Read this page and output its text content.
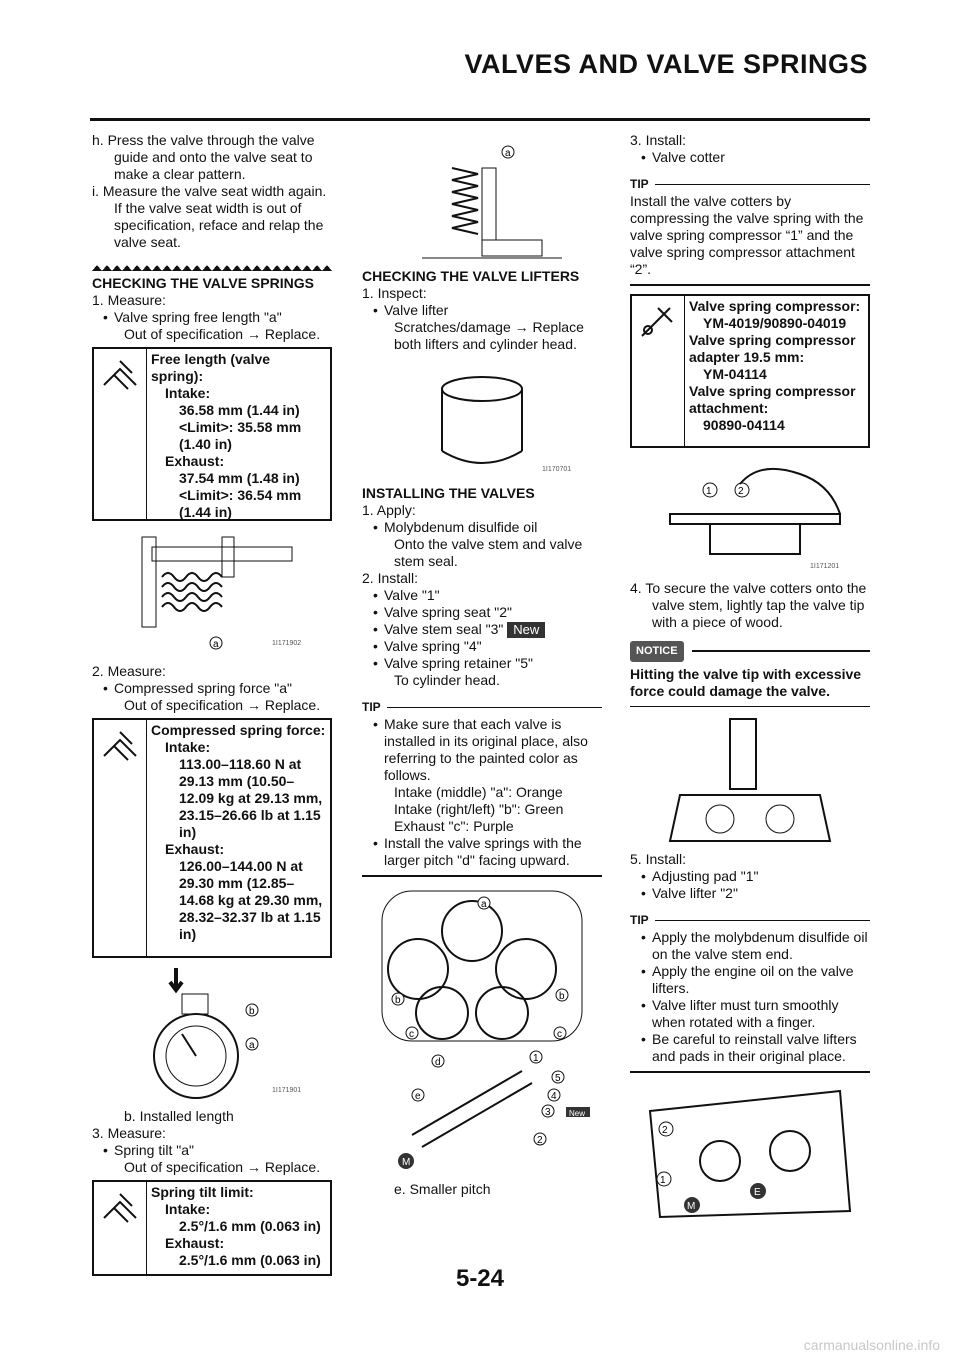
VALVES AND VALVE SPRINGS

h. Press the valve through the valve guide and onto the valve seat to make a clear pattern.

i. Measure the valve seat width again. If the valve seat width is out of specification, reface and relap the valve seat.

CHECKING THE VALVE SPRINGS

1. Measure:

• Valve spring free length "a"

Out of specification → Replace.

Free length (valve spring):
Intake:
36.58 mm (1.44 in)
<Limit>: 35.58 mm (1.40 in)
Exhaust:
37.54 mm (1.48 in)
<Limit>: 36.54 mm (1.44 in)
a	1I171902

2. Measure:

• Compressed spring force "a"

Out of specification → Replace.

Compressed spring force:
Intake:
113.00–118.60 N at 29.13 mm (10.50–12.09 kg at 29.13 mm, 23.15–26.66 lb at 1.15 in)
Exhaust:
126.00–144.00 N at 29.30 mm (12.85–14.68 kg at 29.30 mm, 28.32–32.37 lb at 1.15 in)
b
a
1I171901

b. Installed length

3. Measure:

• Spring tilt "a"

Out of specification → Replace.

Spring tilt limit:
Intake:
2.5°/1.6 mm (0.063 in)
Exhaust:
2.5°/1.6 mm (0.063 in)
a

CHECKING THE VALVE LIFTERS

1. Inspect:

• Valve lifter

Scratches/damage → Replace both lifters and cylinder head.

1I170701

INSTALLING THE VALVES

1. Apply:

• Molybdenum disulfide oil

Onto the valve stem and valve stem seal.

2. Install:

• Valve "1"

• Valve spring seat "2"

• Valve stem seal "3" New

• Valve spring "4"

• Valve spring retainer "5"

To cylinder head.

TIP

• Make sure that each valve is installed in its original place, also referring to the painted color as follows.

Intake (middle) "a": Orange

Intake (right/left) "b": Green

Exhaust "c": Purple

• Install the valve springs with the larger pitch "d" facing upward.

a
b	b
c	c
d
e
1
2
3
4
5
New
M

e. Smaller pitch

3. Install:

• Valve cotter

TIP

Install the valve cotters by compressing the valve spring with the valve spring compressor “1” and the valve spring compressor attachment “2”.

Valve spring compressor:
YM-4019/90890-04019
Valve spring compressor adapter 19.5 mm:
YM-04114
Valve spring compressor attachment:
90890-04114
1	2
1I171201

4. To secure the valve cotters onto the valve stem, lightly tap the valve tip with a piece of wood.

NOTICE

Hitting the valve tip with excessive force could damage the valve.

5. Install:

• Adjusting pad "1"

• Valve lifter "2"

TIP

• Apply the molybdenum disulfide oil on the valve stem end.

• Apply the engine oil on the valve lifters.

• Valve lifter must turn smoothly when rotated with a finger.

• Be careful to reinstall valve lifters and pads in their original place.

2
1
E
M
5-24
carmanualsonline.info
